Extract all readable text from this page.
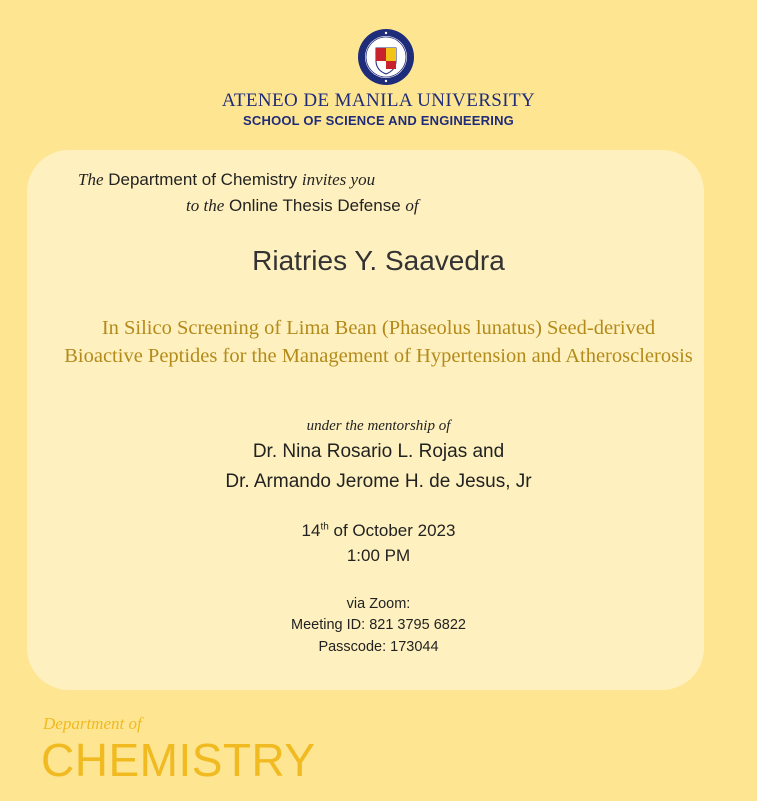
ATENEO DE MANILA UNIVERSITY
SCHOOL OF SCIENCE AND ENGINEERING
The Department of Chemistry invites you
to the Online Thesis Defense of
Riatries Y. Saavedra
In Silico Screening of Lima Bean (Phaseolus lunatus) Seed-derived Bioactive Peptides for the Management of Hypertension and Atherosclerosis
under the mentorship of
Dr. Nina Rosario L. Rojas and
Dr. Armando Jerome H. de Jesus, Jr
14th of October 2023
1:00 PM
via Zoom:
Meeting ID: 821 3795 6822
Passcode: 173044
Department of
CHEMISTRY
